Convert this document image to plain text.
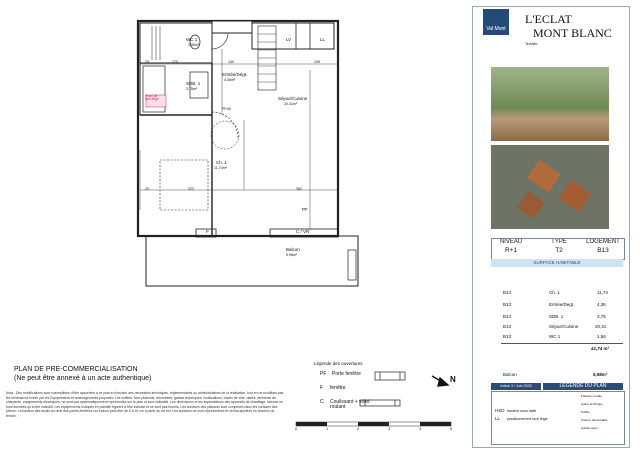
WC 1
1,56m²
SDB. 1
3,75m²
Entrée/Dégt.
4,36m²
Séjour/Cuisine
20,31m²
Ch. 1
11,74m²
Balcon
5,98m²
LV	LL
PF
F	C / VR
Place de lave-linge
20	225	140	245
20	322	362
PF.60
PLAN DE PRE-COMMERCIALISATION
(Ne peut être annexé à un acte authentique)
Nota : Des modifications sont susceptibles d'être apportées à ce plan en fonction des nécessités techniques, réglementaires ou administratives de la réalisation, tout en ne modifiant pas les dimensions fixées par les Équipements et aménagements proposés. Les soffites, faux-plafonds, retombées, gaines techniques, localisations, tracés de vide, dalles, éléments de charpente, équipements électriques, ne sont pas systématiquement représentés sur le plan et sont indicatifs. Les dimensions et les implantations des appareils de chauffage, faïence ne sont données qu'à titre indicatif. Les équipements indiqués en pointillé figurent à titre indicatif et ne sont pas fournis. Les surfaces des placards sont comprises dans les surfaces des pièces. La hauteur des seuils au droit des portes-fenêtres sur balcon peut être de 5 à 20 cm à partir du sol fini. Les surfaces ne sont représentées et seront ajustées en fonction du terrain.
Légende des ouvertures
PF Porte fenêtre
F fenêtre
C Coulissant + volet roulant
N
0	1	2	3	4	5
Val Mont
L'ECLAT
MONT BLANC
TerrAlto
NIVEAU	TYPE	LOGEMENT
R+1	T2	B13
SURFACE HABITABLE
B13	Ch. 1	11,74
B13	Entrée/Degt.	4,36
B13	SDB. 1	3,75
B13	Séjour/Cuisine	20,31
B13	WC 1	1,56
41,74 m²
Balcon	5,98m²
Indice 3 / Juin 2025	LEGENDE DU PLAN
HSD hauteur sous dalle
LL positionnement lave linge
Faïence murale
Gaine technique
Soffite
Cloison démontable
Garde-corps
